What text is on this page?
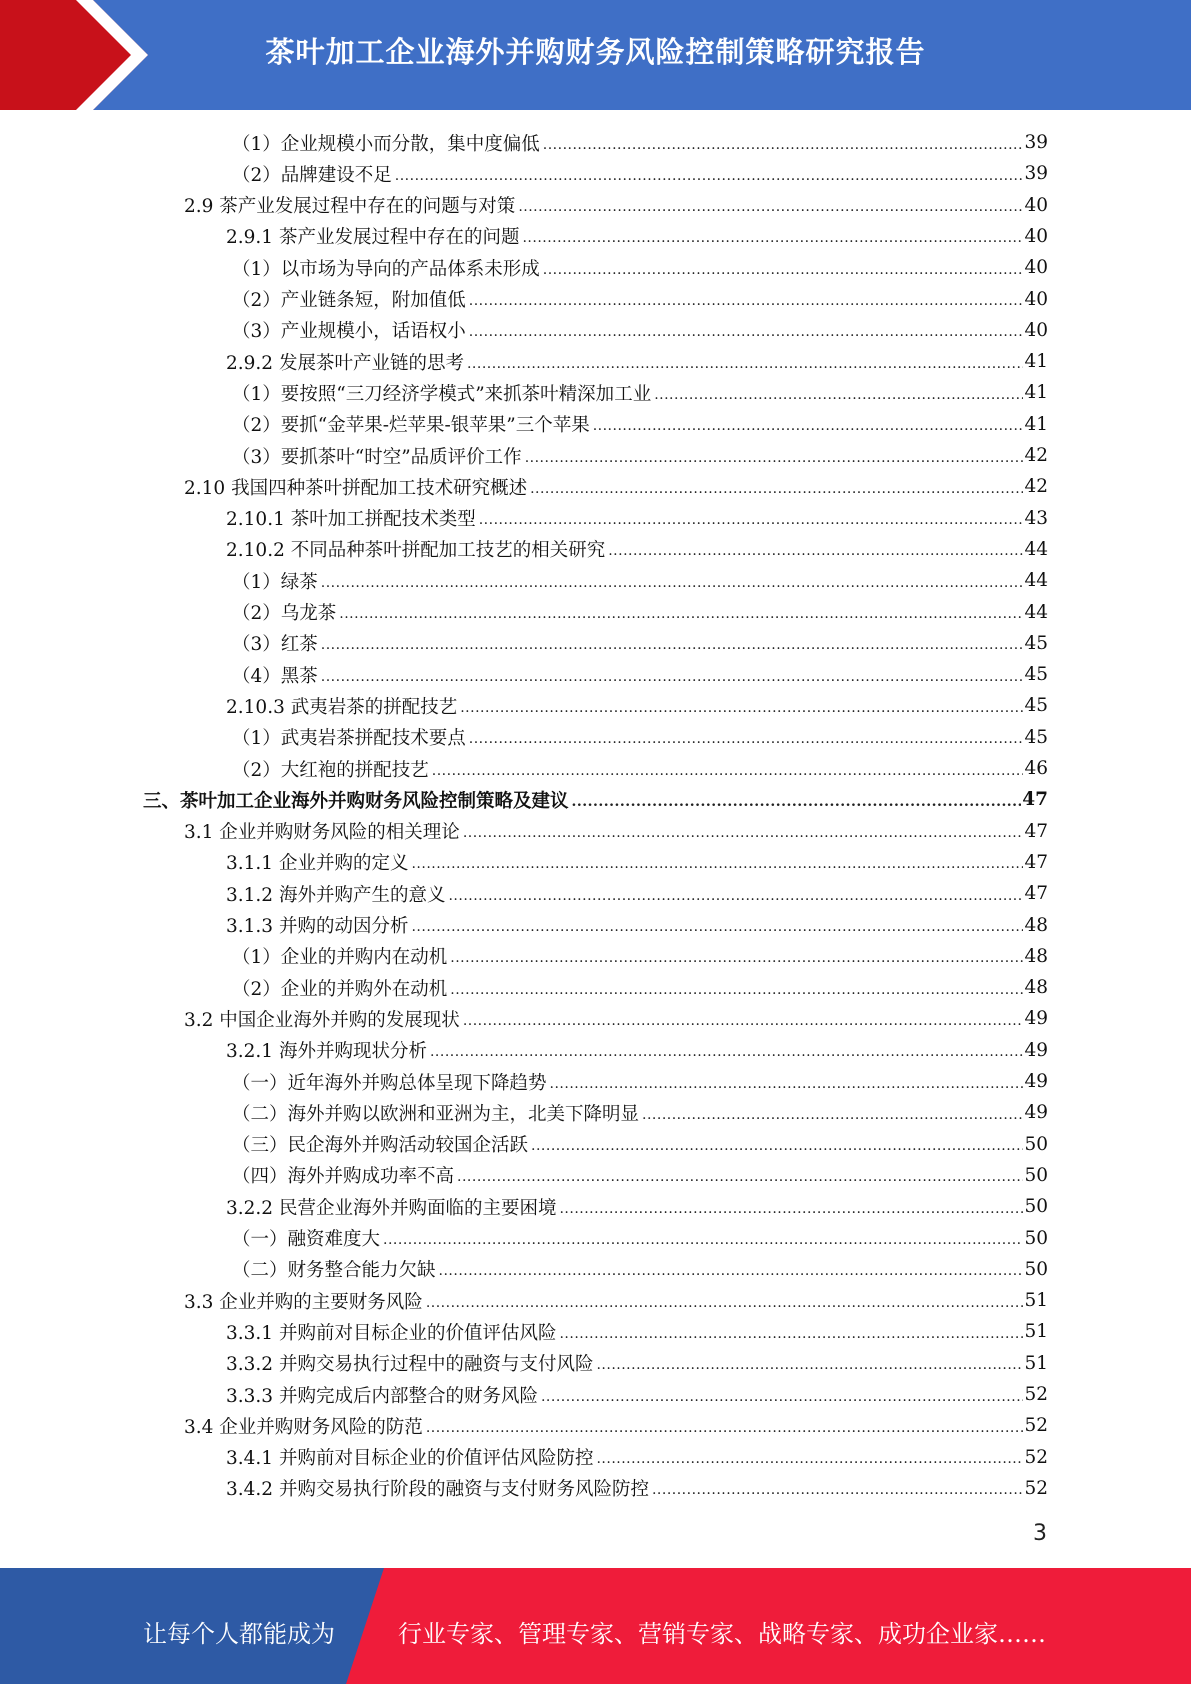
茶叶加工企业海外并购财务风险控制策略研究报告
（1）企业规模小而分散，集中度偏低 .....	39
（2）品牌建设不足 .....	39
2.9 茶产业发展过程中存在的问题与对策 .....	40
2.9.1 茶产业发展过程中存在的问题 .....	40
（1）以市场为导向的产品体系未形成 .....	40
（2）产业链条短，附加值低 .....	40
（3）产业规模小，话语权小 .....	40
2.9.2 发展茶叶产业链的思考 .....	41
（1）要按照“三刀经济学模式”来抓茶叶精深加工业 .....	41
（2）要抓“金苹果-烂苹果-银苹果”三个苹果 .....	41
（3）要抓茶叶“时空”品质评价工作 .....	42
2.10 我国四种茶叶拼配加工技术研究概述 .....	42
2.10.1 茶叶加工拼配技术类型 .....	43
2.10.2 不同品种茶叶拼配加工技艺的相关研究 .....	44
（1）绿茶 .....	44
（2）乌龙茶 .....	44
（3）红茶 .....	45
（4）黑茶 .....	45
2.10.3 武夷岩茶的拼配技艺 .....	45
（1）武夷岩茶拼配技术要点 .....	45
（2）大红袍的拼配技艺 .....	46
三、茶叶加工企业海外并购财务风险控制策略及建议 .....	47
3.1 企业并购财务风险的相关理论 .....	47
3.1.1 企业并购的定义 .....	47
3.1.2 海外并购产生的意义 .....	47
3.1.3 并购的动因分析 .....	48
（1）企业的并购内在动机 .....	48
（2）企业的并购外在动机 .....	48
3.2 中国企业海外并购的发展现状 .....	49
3.2.1 海外并购现状分析 .....	49
（一）近年海外并购总体呈现下降趋势 .....	49
（二）海外并购以欧洲和亚洲为主，北美下降明显 .....	49
（三）民企海外并购活动较国企活跃 .....	50
（四）海外并购成功率不高 .....	50
3.2.2 民营企业海外并购面临的主要困境 .....	50
（一）融资难度大 .....	50
（二）财务整合能力欠缺 .....	50
3.3 企业并购的主要财务风险 .....	51
3.3.1 并购前对目标企业的价值评估风险 .....	51
3.3.2 并购交易执行过程中的融资与支付风险 .....	51
3.3.3 并购完成后内部整合的财务风险 .....	52
3.4 企业并购财务风险的防范 .....	52
3.4.1 并购前对目标企业的价值评估风险防控 .....	52
3.4.2 并购交易执行阶段的融资与支付财务风险防控 .....	52
3
让每个人都能成为	行业专家、管理专家、营销专家、战略专家、成功企业家……
